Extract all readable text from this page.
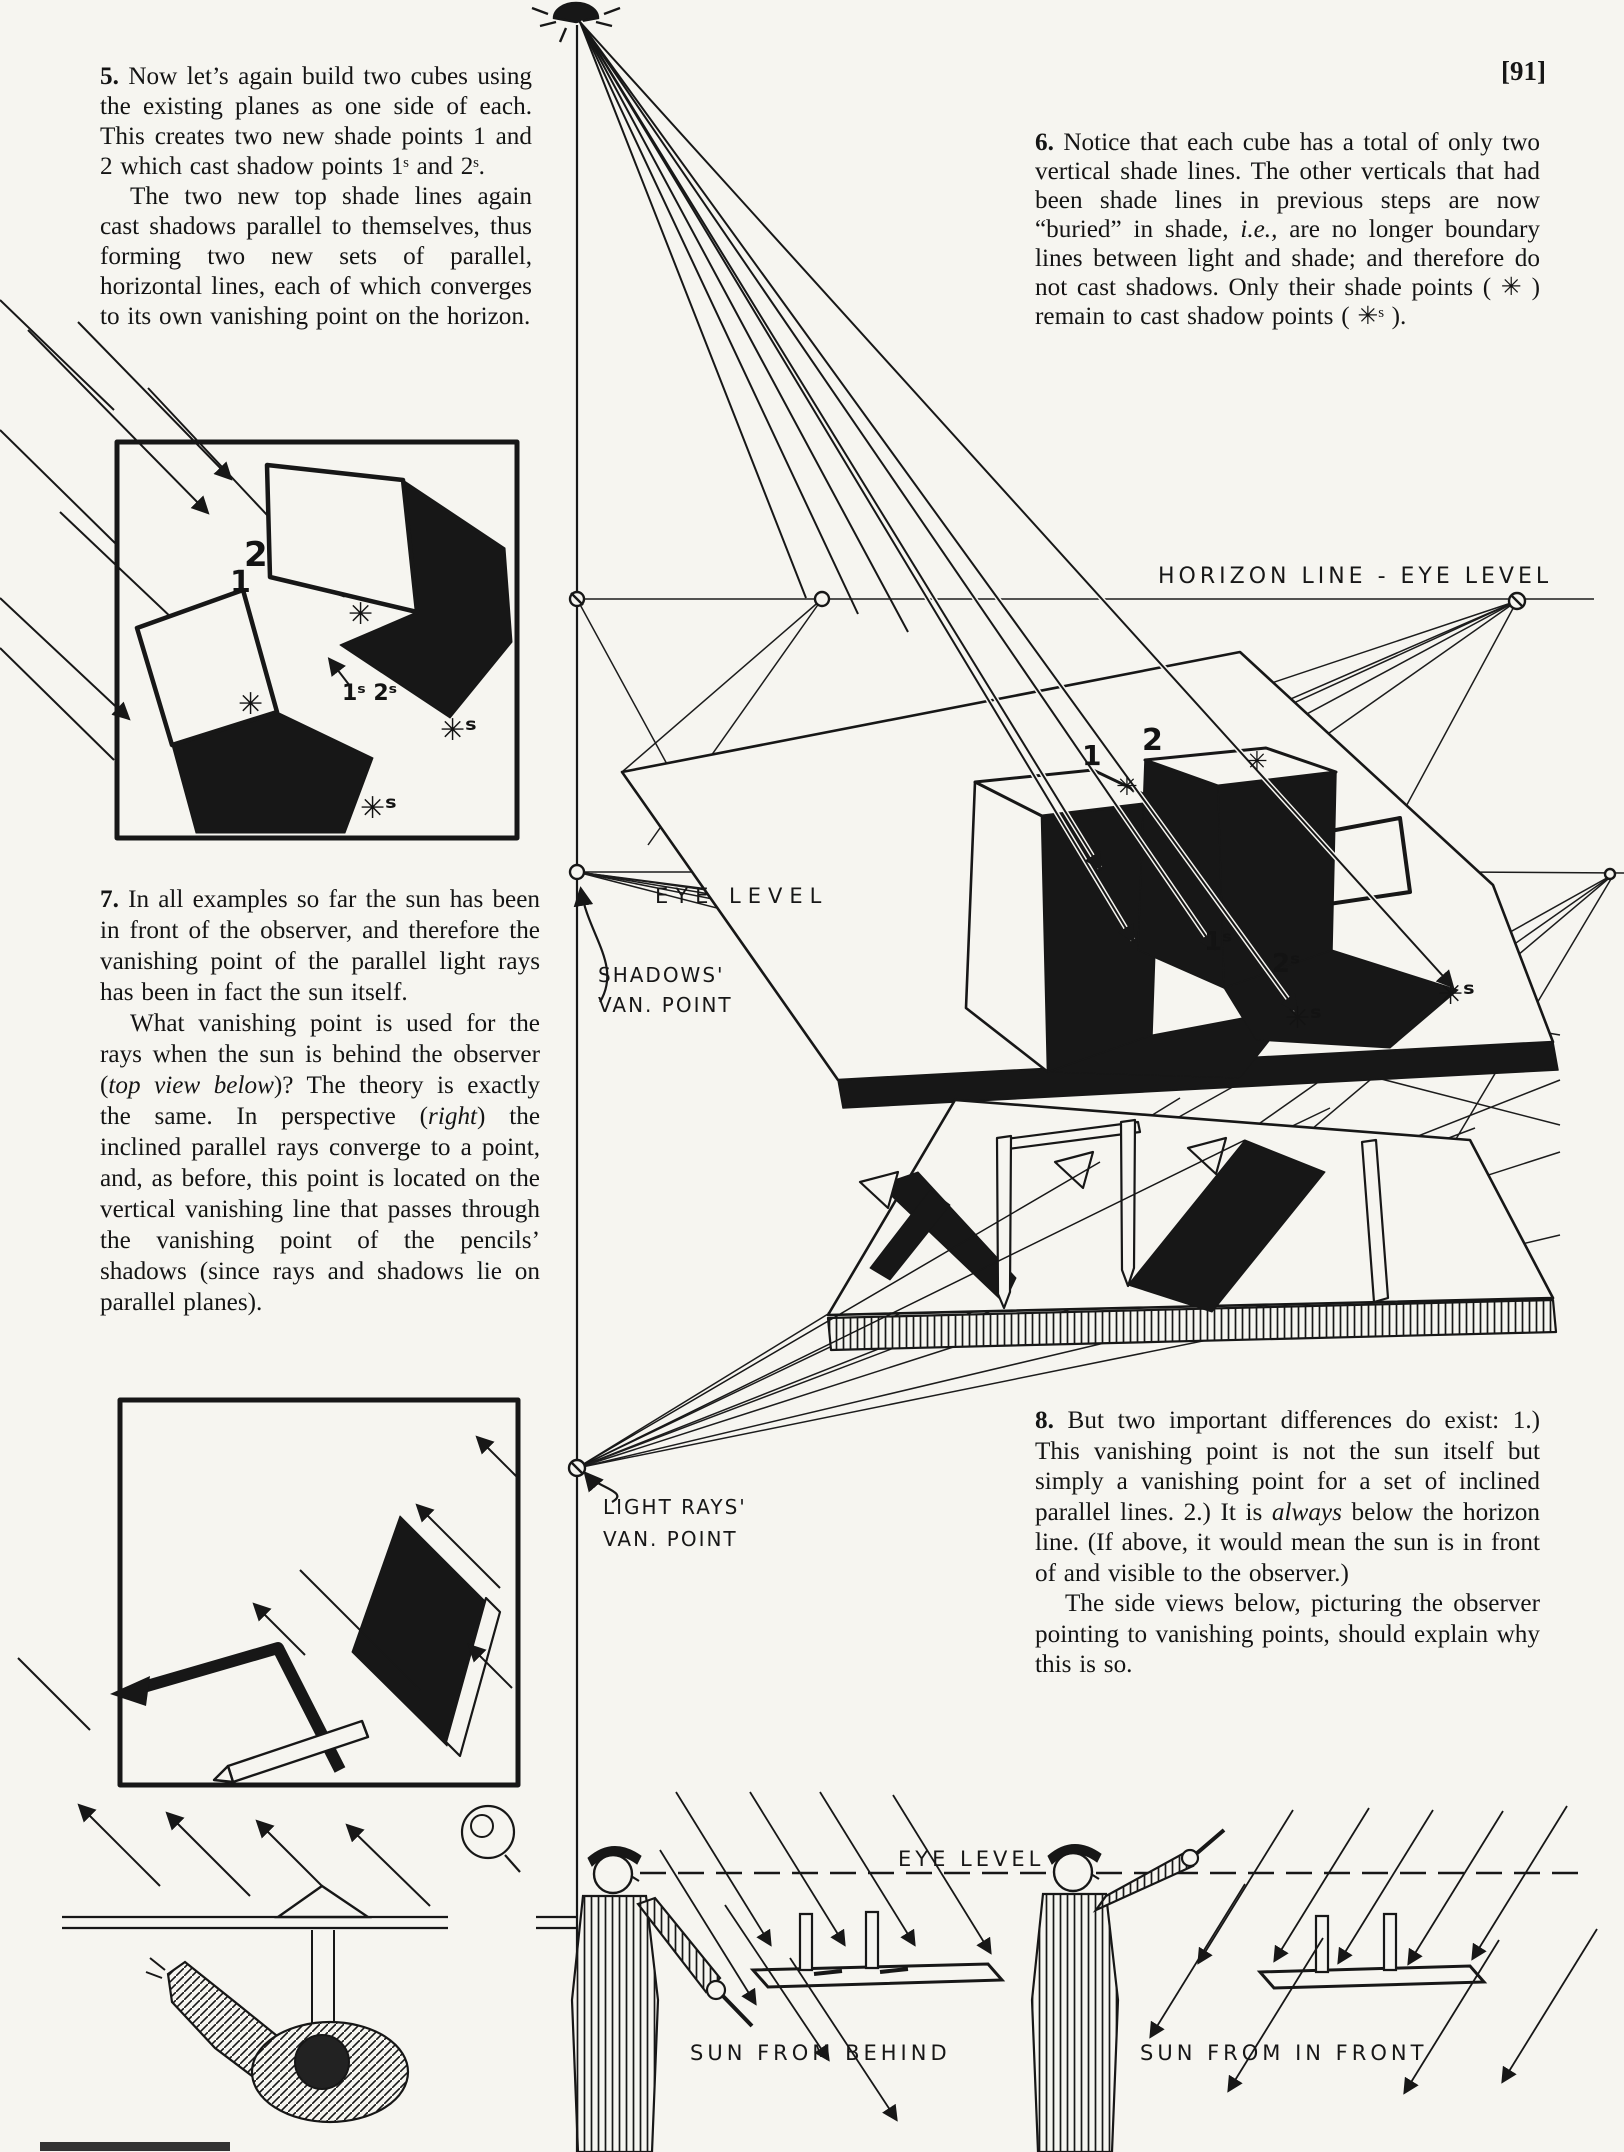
HORIZON LINE - EYE LEVEL
EYE LEVEL
SHADOWS'
VAN. POINT
LIGHT RAYS'
VAN. POINT
EYE LEVEL
SUN FROM BEHIND	SUN FROM IN FRONT
1 2
✳
✳
1ˢ
2ˢ
✳ˢ
✳ˢ
2
1
✳
✳	1ˢ 2ˢ
✳ˢ
✳ˢ
[91]

5. Now let’s again build two cubes using the existing planes as one side of each. This creates two new shade points 1 and 2 which cast shadow points 1ˢ and 2ˢ.

The two new top shade lines again cast shadows parallel to themselves, thus forming two new sets of parallel, horizontal lines, each of which converges to its own vanishing point on the horizon.

6. Notice that each cube has a total of only two vertical shade lines. The other verticals that had been shade lines in previous steps are now “buried” in shade, i.e., are no longer boundary lines between light and shade; and therefore do not cast shadows. Only their shade points ( ✳ ) remain to cast shadow points ( ✳ˢ ).

7. In all examples so far the sun has been in front of the observer, and therefore the vanishing point of the parallel light rays has been in fact the sun itself.

What vanishing point is used for the rays when the sun is behind the observer (top view below)? The theory is exactly the same. In perspective (right) the inclined parallel rays converge to a point, and, as before, this point is located on the vertical vanishing line that passes through the vanishing point of the pencils’ shadows (since rays and shadows lie on parallel planes).

8. But two important differences do exist: 1.) This vanishing point is not the sun itself but simply a vanishing point for a set of inclined parallel lines. 2.) It is always below the horizon line. (If above, it would mean the sun is in front of and visible to the observer.)

The side views below, picturing the observer pointing to vanishing points, should explain why this is so.
